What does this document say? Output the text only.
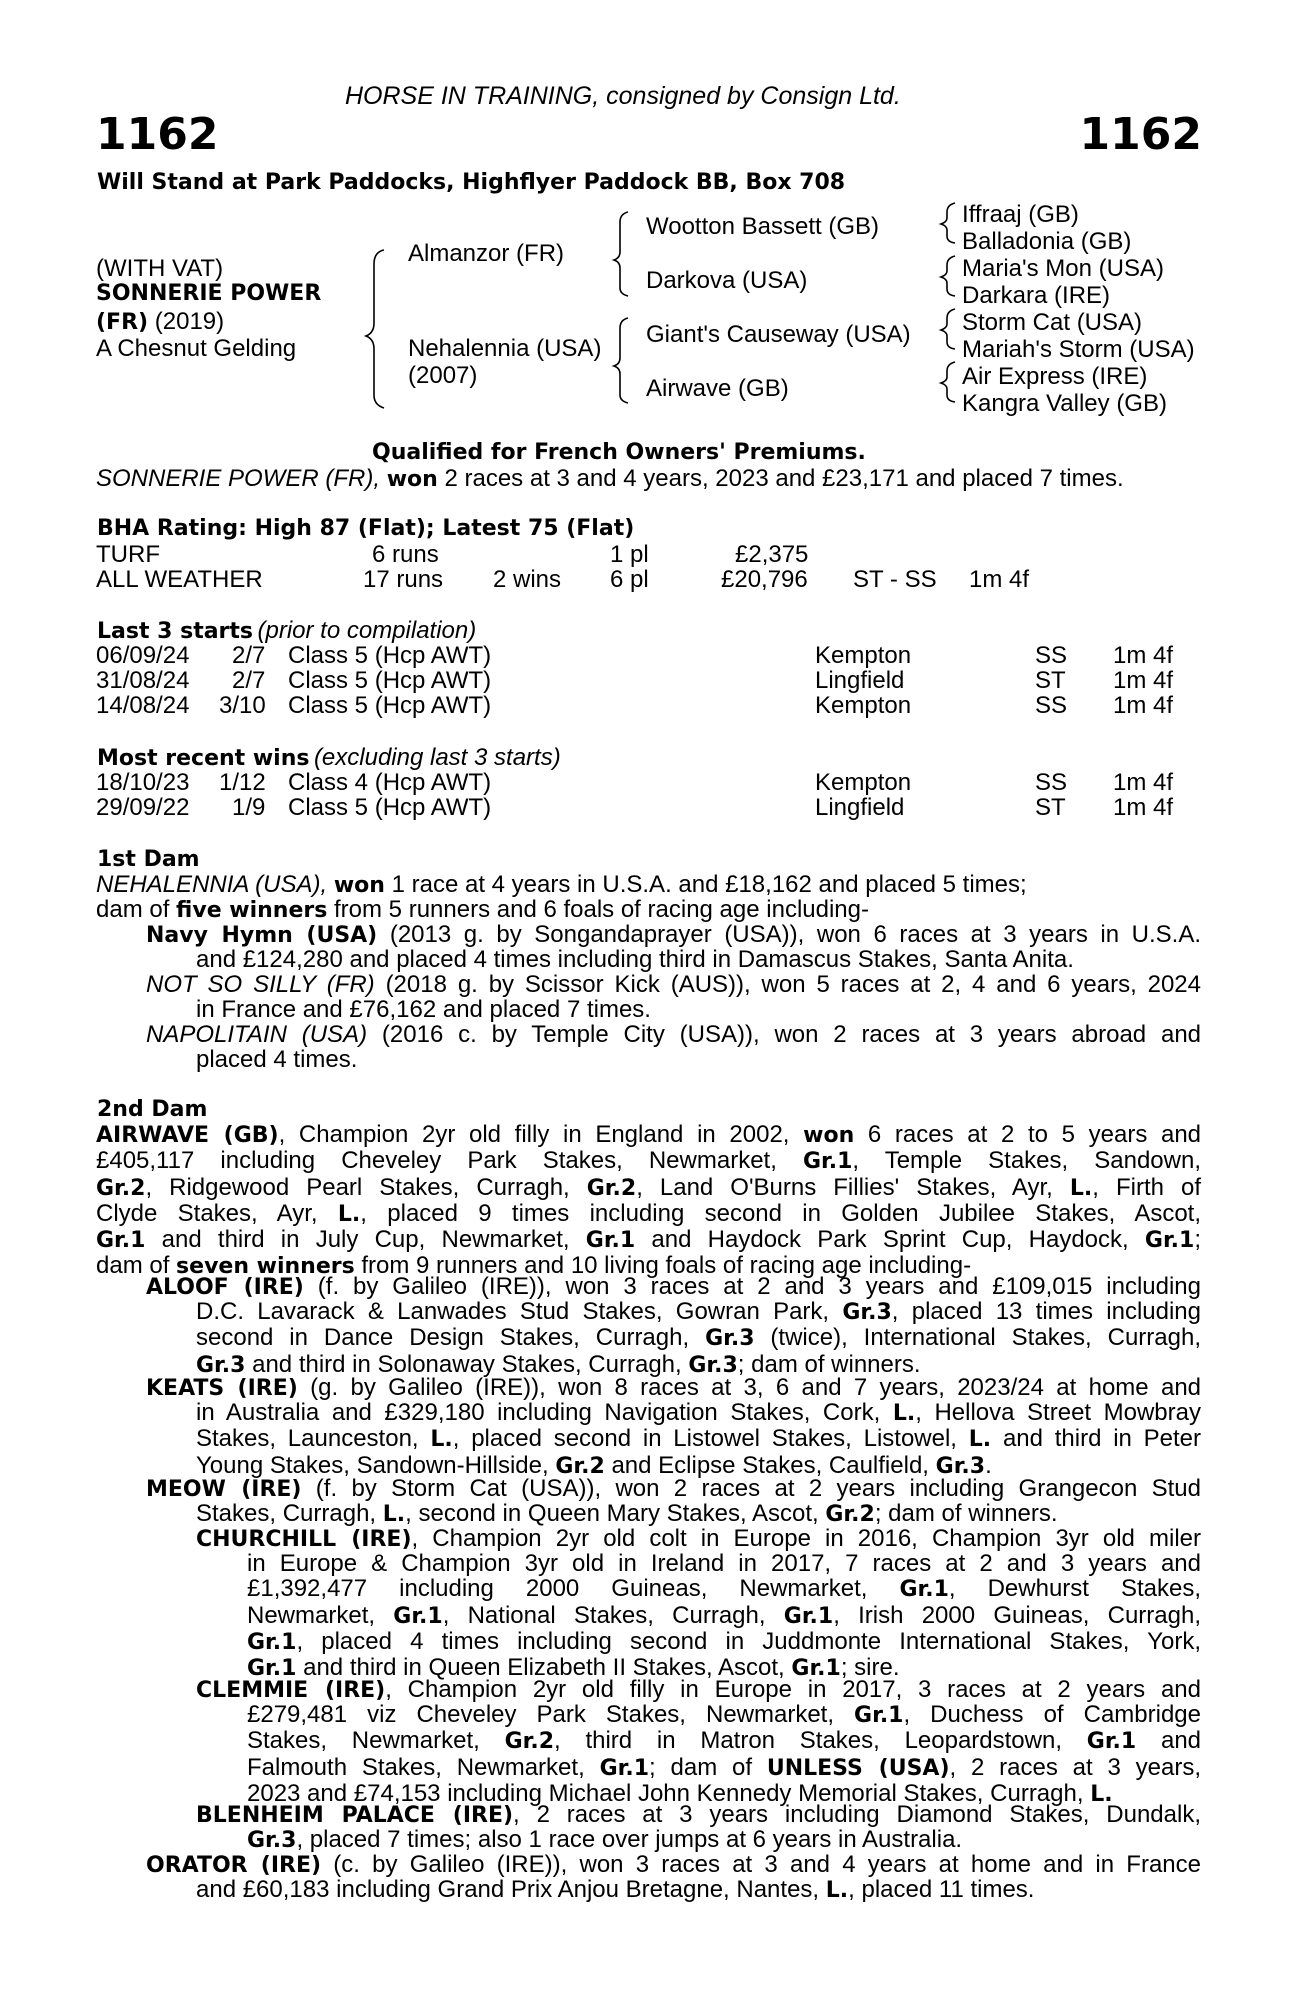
HORSE IN TRAINING, consigned by Consign Ltd.
1162	1162
Will Stand at Park Paddocks, Highflyer Paddock BB, Box 708
(WITH VAT)
SONNERIE POWER
(FR) (2019)
A Chesnut Gelding
Almanzor (FR)
Nehalennia (USA)
(2007)
Wootton Bassett (GB)
Darkova (USA)
Giant's Causeway (USA)
Airwave (GB)
Iffraaj (GB)
Balladonia (GB)
Maria's Mon (USA)
Darkara (IRE)
Storm Cat (USA)
Mariah's Storm (USA)
Air Express (IRE)
Kangra Valley (GB)
Qualified for French Owners' Premiums.
SONNERIE POWER (FR), won 2 races at 3 and 4 years, 2023 and £23,171 and placed 7 times.
BHA Rating: High 87 (Flat); Latest 75 (Flat)
TURF	6 runs	1 pl	£2,375
ALL WEATHER	17 runs 2 wins 6 pl	£20,796 ST - SS 1m 4f
Last 3 starts (prior to compilation)
06/09/24 2/7 Class 5 (Hcp AWT)	Kempton	SS 1m 4f
31/08/24 2/7 Class 5 (Hcp AWT)	Lingfield	ST 1m 4f
14/08/24 3/10 Class 5 (Hcp AWT)	Kempton	SS 1m 4f
Most recent wins (excluding last 3 starts)
18/10/23 1/12 Class 4 (Hcp AWT)	Kempton	SS 1m 4f
29/09/22 1/9 Class 5 (Hcp AWT)	Lingfield	ST 1m 4f
1st Dam
NEHALENNIA (USA), won 1 race at 4 years in U.S.A. and £18,162 and placed 5 times;
dam of five winners from 5 runners and 6 foals of racing age including-
Navy Hymn (USA) (2013 g. by Songandaprayer (USA)), won 6 races at 3 years in U.S.A.
and £124,280 and placed 4 times including third in Damascus Stakes, Santa Anita.
NOT SO SILLY (FR) (2018 g. by Scissor Kick (AUS)), won 5 races at 2, 4 and 6 years, 2024
in France and £76,162 and placed 7 times.
NAPOLITAIN (USA) (2016 c. by Temple City (USA)), won 2 races at 3 years abroad and
placed 4 times.
2nd Dam
AIRWAVE (GB), Champion 2yr old filly in England in 2002, won 6 races at 2 to 5 years and
£405,117 including Cheveley Park Stakes, Newmarket, Gr.1, Temple Stakes, Sandown,
Gr.2, Ridgewood Pearl Stakes, Curragh, Gr.2, Land O'Burns Fillies' Stakes, Ayr, L., Firth of
Clyde Stakes, Ayr, L., placed 9 times including second in Golden Jubilee Stakes, Ascot,
Gr.1 and third in July Cup, Newmarket, Gr.1 and Haydock Park Sprint Cup, Haydock, Gr.1;
dam of seven winners from 9 runners and 10 living foals of racing age including-
ALOOF (IRE) (f. by Galileo (IRE)), won 3 races at 2 and 3 years and £109,015 including
D.C. Lavarack & Lanwades Stud Stakes, Gowran Park, Gr.3, placed 13 times including
second in Dance Design Stakes, Curragh, Gr.3 (twice), International Stakes, Curragh,
Gr.3 and third in Solonaway Stakes, Curragh, Gr.3; dam of winners.
KEATS (IRE) (g. by Galileo (IRE)), won 8 races at 3, 6 and 7 years, 2023/24 at home and
in Australia and £329,180 including Navigation Stakes, Cork, L., Hellova Street Mowbray
Stakes, Launceston, L., placed second in Listowel Stakes, Listowel, L. and third in Peter
Young Stakes, Sandown-Hillside, Gr.2 and Eclipse Stakes, Caulfield, Gr.3.
MEOW (IRE) (f. by Storm Cat (USA)), won 2 races at 2 years including Grangecon Stud
Stakes, Curragh, L., second in Queen Mary Stakes, Ascot, Gr.2; dam of winners.
CHURCHILL (IRE), Champion 2yr old colt in Europe in 2016, Champion 3yr old miler
in Europe & Champion 3yr old in Ireland in 2017, 7 races at 2 and 3 years and
£1,392,477 including 2000 Guineas, Newmarket, Gr.1, Dewhurst Stakes,
Newmarket, Gr.1, National Stakes, Curragh, Gr.1, Irish 2000 Guineas, Curragh,
Gr.1, placed 4 times including second in Juddmonte International Stakes, York,
Gr.1 and third in Queen Elizabeth II Stakes, Ascot, Gr.1; sire.
CLEMMIE (IRE), Champion 2yr old filly in Europe in 2017, 3 races at 2 years and
£279,481 viz Cheveley Park Stakes, Newmarket, Gr.1, Duchess of Cambridge
Stakes, Newmarket, Gr.2, third in Matron Stakes, Leopardstown, Gr.1 and
Falmouth Stakes, Newmarket, Gr.1; dam of UNLESS (USA), 2 races at 3 years,
2023 and £74,153 including Michael John Kennedy Memorial Stakes, Curragh, L.
BLENHEIM PALACE (IRE), 2 races at 3 years including Diamond Stakes, Dundalk,
Gr.3, placed 7 times; also 1 race over jumps at 6 years in Australia.
ORATOR (IRE) (c. by Galileo (IRE)), won 3 races at 3 and 4 years at home and in France
and £60,183 including Grand Prix Anjou Bretagne, Nantes, L., placed 11 times.
